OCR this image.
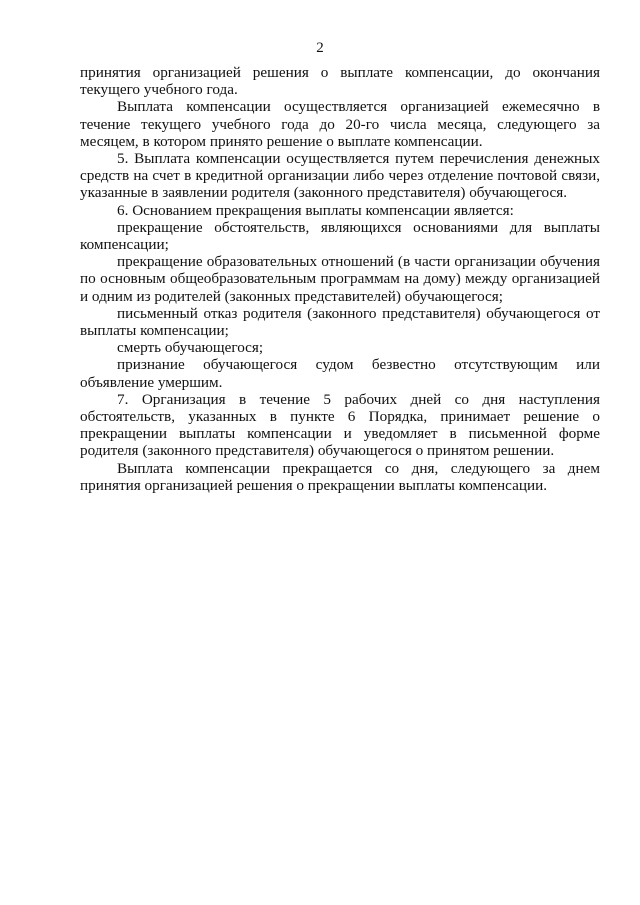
2

принятия организацией решения о выплате компенсации, до окончания текущего учебного года.

Выплата компенсации осуществляется организацией ежемесячно в течение текущего учебного года до 20-го числа месяца, следующего за месяцем, в котором принято решение о выплате компенсации.

5. Выплата компенсации осуществляется путем перечисления денежных средств на счет в кредитной организации либо через отделение почтовой связи, указанные в заявлении родителя (законного представителя) обучающегося.

6. Основанием прекращения выплаты компенсации является:

прекращение обстоятельств, являющихся основаниями для выплаты компенсации;

прекращение образовательных отношений (в части организации обучения по основным общеобразовательным программам на дому) между организацией и одним из родителей (законных представителей) обучающегося;

письменный отказ родителя (законного представителя) обучающегося от выплаты компенсации;

смерть обучающегося;

признание обучающегося судом безвестно отсутствующим или объявление умершим.

7. Организация в течение 5 рабочих дней со дня наступления обстоятельств, указанных в пункте 6 Порядка, принимает решение о прекращении выплаты компенсации и уведомляет в письменной форме родителя (законного представителя) обучающегося о принятом решении.

Выплата компенсации прекращается со дня, следующего за днем принятия организацией решения о прекращении выплаты компенсации.
